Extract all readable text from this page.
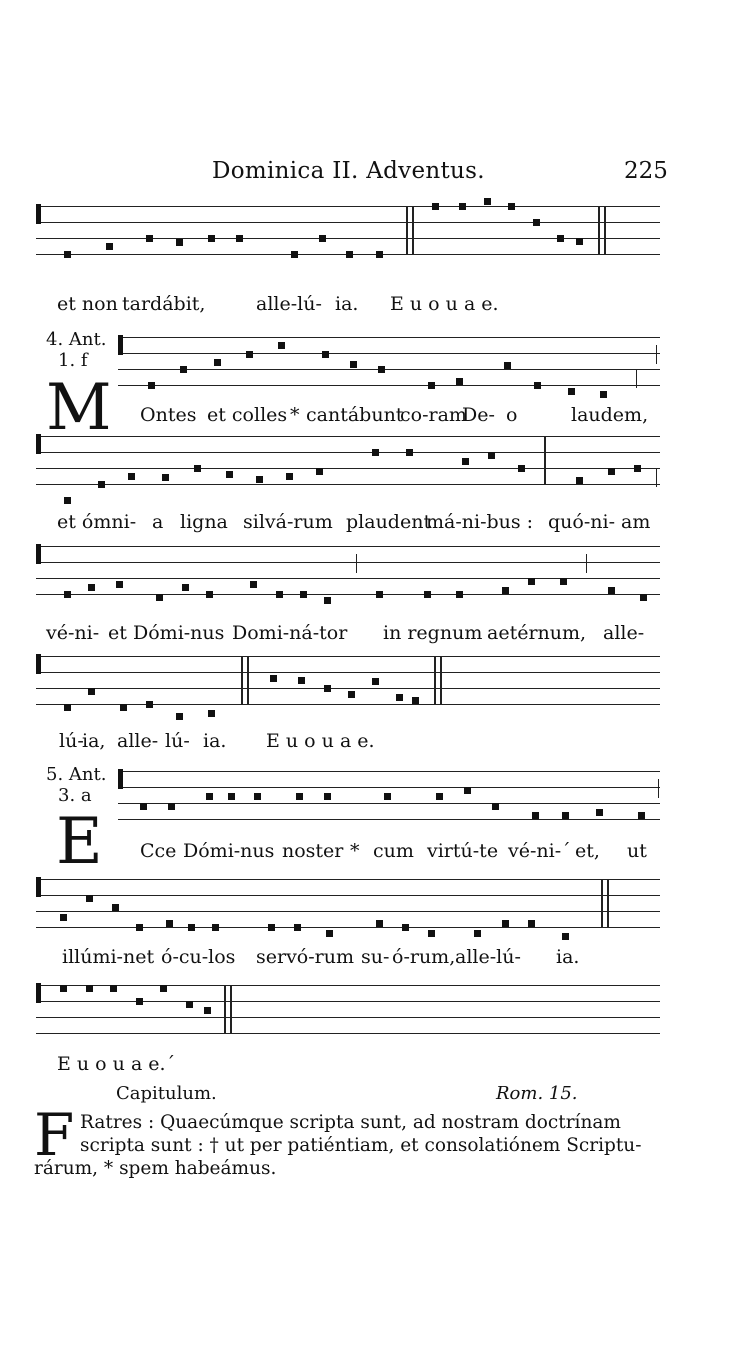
Dominica II. Adventus.	225
et non tardábit,	alle-lú- ia. E u o u a e.
Ontes et colles * cantábunt
co-ram
De- o	laudem,
et ómni- a ligna silvá-rum plaudent
má-ni-bus : quó-ni- am
vé-ni- et Dómi-nus Domi-ná-tor in regnum aetérnum, alle-
lú-
ia, alle- lú- ia. E u o u a e.
Cce Dómi-nus noster * cum virtú-te vé-ni-´ et, ut
illúmi-net ó-cu-los servó-rum su- ó-rum, alle-lú- ia.
E u o u a e.´
4. Ant.
1. f
M
5. Ant.
3. a
E
Capitulum.	Rom. 15.
F Ratres : Quaecúmque scripta sunt, ad nostram doctrínam
scripta sunt : † ut per patiéntiam, et consolatiónem Scriptu-
rárum, * spem habeámus.
